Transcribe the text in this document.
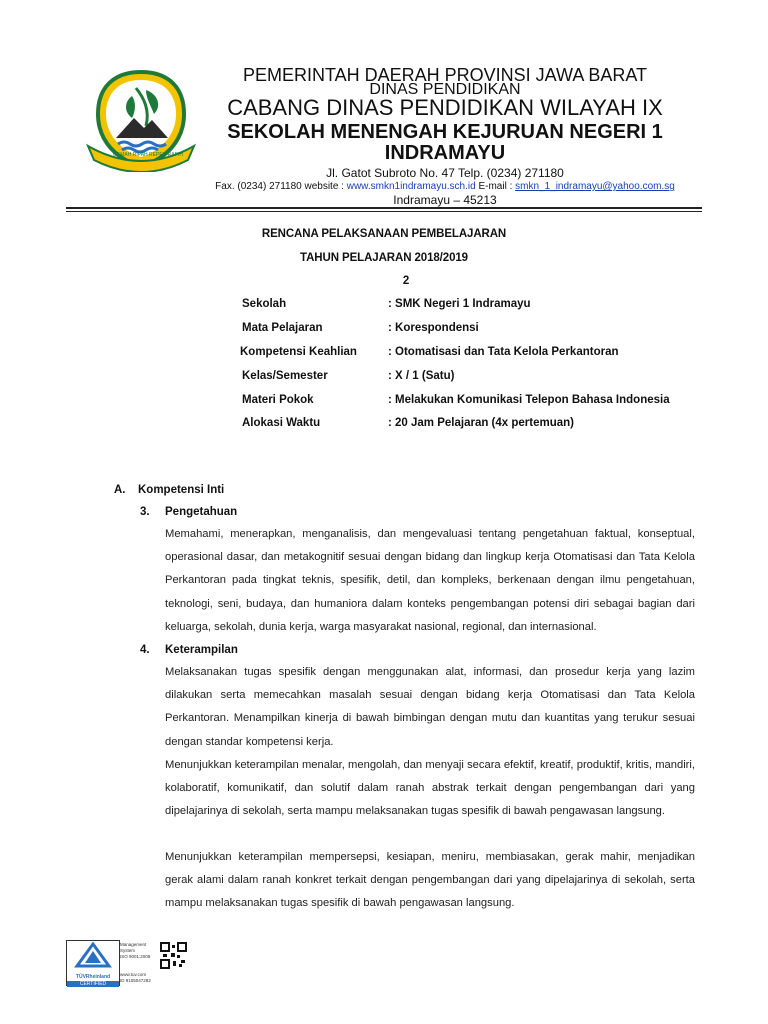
GEMAH RIPAH REPEH RAPIH
PEMERINTAH DAERAH PROVINSI JAWA BARAT
DINAS PENDIDIKAN
CABANG DINAS PENDIDIKAN WILAYAH IX
SEKOLAH MENENGAH KEJURUAN NEGERI 1
INDRAMAYU
Jl. Gatot Subroto No. 47 Telp. (0234) 271180
Fax. (0234) 271180 website : www.smkn1indramayu.sch.id E-mail : smkn_1_indramayu@yahoo.com.sg
Indramayu – 45213
RENCANA PELAKSANAAN PEMBELAJARAN
TAHUN PELAJARAN 2018/2019
2
Sekolah	: SMK Negeri 1 Indramayu
Mata Pelajaran	: Korespondensi
Kompetensi Keahlian	: Otomatisasi dan Tata Kelola Perkantoran
Kelas/Semester	: X / 1 (Satu)
Materi Pokok	: Melakukan Komunikasi Telepon Bahasa Indonesia
Alokasi Waktu	: 20 Jam Pelajaran (4x pertemuan)
A. Kompetensi Inti
3. Pengetahuan
Memahami, menerapkan, menganalisis, dan mengevaluasi tentang pengetahuan faktual, konseptual, operasional dasar, dan metakognitif sesuai dengan bidang dan lingkup kerja Otomatisasi dan Tata Kelola Perkantoran pada tingkat teknis, spesifik, detil, dan kompleks, berkenaan dengan ilmu pengetahuan, teknologi, seni, budaya, dan humaniora dalam konteks pengembangan potensi diri sebagai bagian dari keluarga, sekolah, dunia kerja, warga masyarakat nasional, regional, dan internasional.
4. Keterampilan
Melaksanakan tugas spesifik dengan menggunakan alat, informasi, dan prosedur kerja yang lazim dilakukan serta memecahkan masalah sesuai dengan bidang kerja Otomatisasi dan Tata Kelola Perkantoran. Menampilkan kinerja di bawah bimbingan dengan mutu dan kuantitas yang terukur sesuai dengan standar kompetensi kerja.
Menunjukkan keterampilan menalar, mengolah, dan menyaji secara efektif, kreatif, produktif, kritis, mandiri, kolaboratif, komunikatif, dan solutif dalam ranah abstrak terkait dengan pengembangan dari yang dipelajarinya di sekolah, serta mampu melaksanakan tugas spesifik di bawah pengawasan langsung.
Menunjukkan keterampilan mempersepsi, kesiapan, meniru, membiasakan, gerak mahir, menjadikan gerak alami dalam ranah konkret terkait dengan pengembangan dari yang dipelajarinya di sekolah, serta mampu melaksanakan tugas spesifik di bawah pengawasan langsung.
TÜVRheinland
CERTIFIED
Management
System
ISO 9001:2008
www.tuv.com
ID 9105047282
